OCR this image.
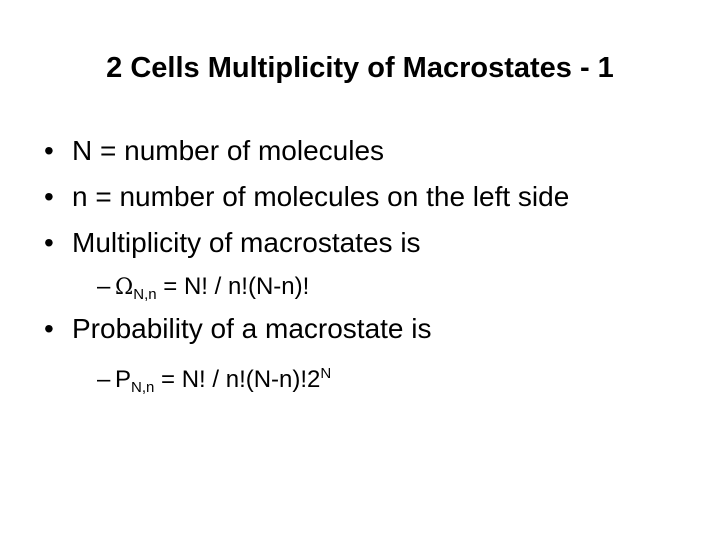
2 Cells Multiplicity of Macrostates - 1
• N = number of molecules
• n = number of molecules on the left side
• Multiplicity of macrostates is
– $\Omega_{N,n} = N$! / n!(N-n)!
• Probability of a macrostate is
– $P_{N,n} = N$! / $n!(N-n)!2^N$
